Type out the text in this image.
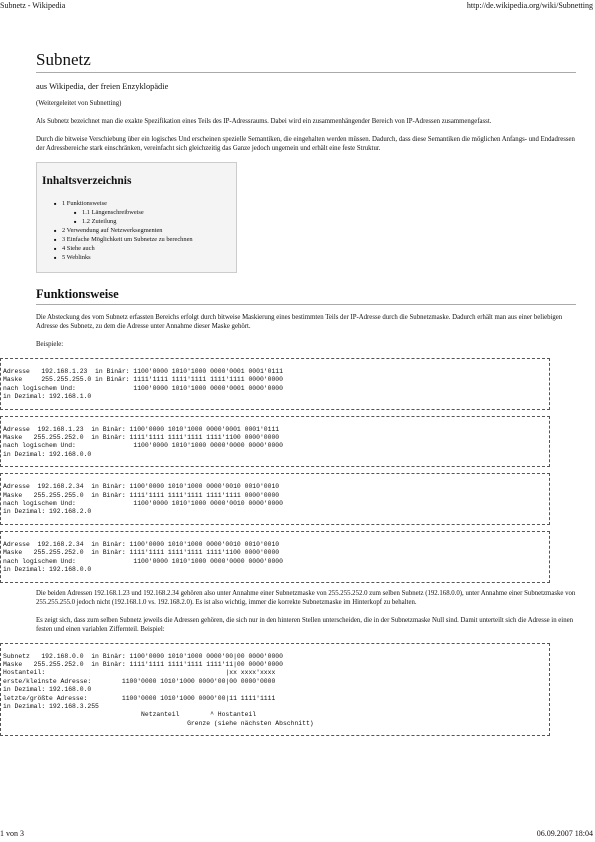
Subnetz - Wikipedia	http://de.wikipedia.org/wiki/Subnetting
Subnetz

aus Wikipedia, der freien Enzyklopädie

(Weitergeleitet von Subnetting)

Als Subnetz bezeichnet man die exakte Spezifikation eines Teils des IP-Adressraums. Dabei wird ein zusammenhängender Bereich von IP-Adressen zusammengefasst.

Durch die bitweise Verschiebung über ein logisches Und erscheinen spezielle Semantiken, die eingehalten werden müssen. Dadurch, dass diese Semantiken die möglichen Anfangs- und Endadressen der Adressbereiche stark einschränken, vereinfacht sich gleichzeitig das Ganze jedoch ungemein und erhält eine feste Struktur.

Inhaltsverzeichnis
■ 1 Funktionsweise
■ 1.1 Längenschreibweise
■ 1.2 Zuteilung
■ 2 Verwendung auf Netzwerksegmenten
■ 3 Einfache Möglichkeit um Subnetze zu berechnen
■ 4 Siehe auch
■ 5 Weblinks
Funktionsweise

Die Absteckung des vom Subnetz erfassten Bereichs erfolgt durch bitweise Maskierung eines bestimmten Teils der IP-Adresse durch die Subnetzmaske. Dadurch erhält man aus einer beliebigen Adresse des Subnetz, zu dem die Adresse unter Annahme dieser Maske gehört.

Beispiele:

Adresse   192.168.1.23  in Binär: 1100'0000 1010'1000 0000'0001 0001'0111
Maske     255.255.255.0 in Binär: 1111'1111 1111'1111 1111'1111 0000'0000
nach logischem Und:               1100'0000 1010'1000 0000'0001 0000'0000
in Dezimal: 192.168.1.0
Adresse  192.168.1.23  in Binär: 1100'0000 1010'1000 0000'0001 0001'0111
Maske   255.255.252.0  in Binär: 1111'1111 1111'1111 1111'1100 0000'0000
nach logischem Und:               1100'0000 1010'1000 0000'0000 0000'0000
in Dezimal: 192.168.0.0
Adresse  192.168.2.34  in Binär: 1100'0000 1010'1000 0000'0010 0010'0010
Maske   255.255.255.0  in Binär: 1111'1111 1111'1111 1111'1111 0000'0000
nach logischem Und:               1100'0000 1010'1000 0000'0010 0000'0000
in Dezimal: 192.168.2.0
Adresse  192.168.2.34  in Binär: 1100'0000 1010'1000 0000'0010 0010'0010
Maske   255.255.252.0  in Binär: 1111'1111 1111'1111 1111'1100 0000'0000
nach logischem Und:               1100'0000 1010'1000 0000'0000 0000'0000
in Dezimal: 192.168.0.0

Die beiden Adressen 192.168.1.23 und 192.168.2.34 gehören also unter Annahme einer Subnetzmaske von 255.255.252.0 zum selben Subnetz (192.168.0.0), unter Annahme einer Subnetzmaske von 255.255.255.0 jedoch nicht (192.168.1.0 vs. 192.168.2.0). Es ist also wichtig, immer die korrekte Subnetzmaske im Hinterkopf zu behalten.

Es zeigt sich, dass zum selben Subnetz jeweils die Adressen gehören, die sich nur in den hinteren Stellen unterscheiden, die in der Subnetzmaske Null sind. Damit unterteilt sich die Adresse in einen festen und einen variablen Ziffernteil. Beispiel:

Subnetz   192.168.0.0  in Binär: 1100'0000 1010'1000 0000'00|00 0000'0000
Maske   255.255.252.0  in Binär: 1111'1111 1111'1111 1111'11|00 0000'0000
Hostanteil:                                               |xx xxxx'xxxx
erste/kleinste Adresse:        1100'0000 1010'1000 0000'00|00 0000'0000
in Dezimal: 192.168.0.0
letzte/größte Adresse:         1100'0000 1010'1000 0000'00|11 1111'1111
in Dezimal: 192.168.3.255
Netzanteil        ^ Hostanteil
Grenze (siehe nächsten Abschnitt)
1 von 3	06.09.2007 18:04
